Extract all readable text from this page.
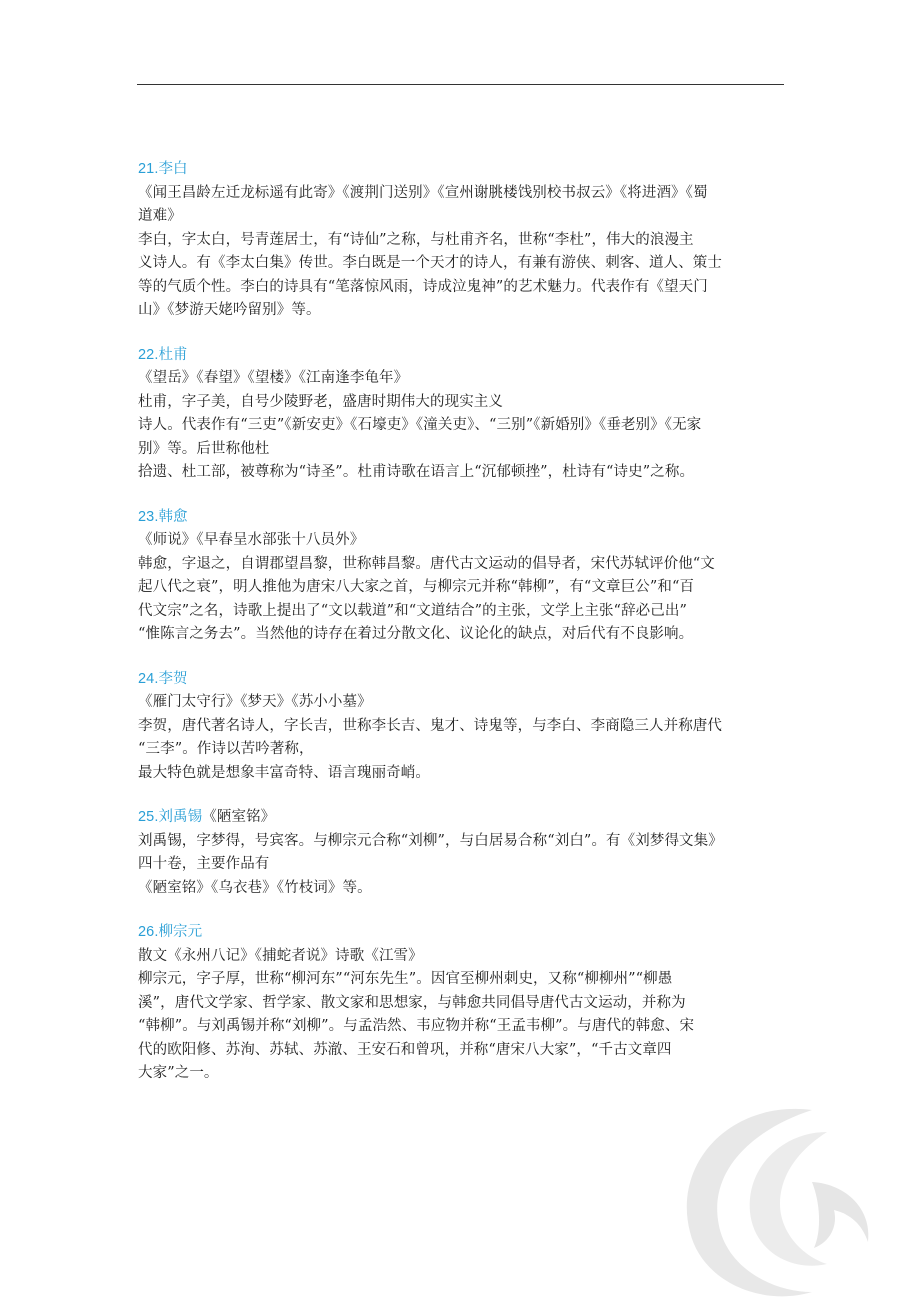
21.李白
《闻王昌龄左迁龙标遥有此寄》《渡荆门送别》《宣州谢朓楼饯别校书叔云》《将进酒》《蜀
道难》
李白，字太白，号青莲居士，有“诗仙”之称，与杜甫齐名，世称“李杜”，伟大的浪漫主
义诗人。有《李太白集》传世。李白既是一个天才的诗人，有兼有游侠、刺客、道人、策士
等的气质个性。李白的诗具有“笔落惊风雨，诗成泣鬼神”的艺术魅力。代表作有《望天门
山》《梦游天姥吟留别》等。
22.杜甫
《望岳》《春望》《望楼》《江南逢李龟年》
杜甫，字子美，自号少陵野老，盛唐时期伟大的现实主义
诗人。代表作有“三吏”《新安吏》《石壕吏》《潼关吏》、“三别”《新婚别》《垂老别》《无家
别》等。后世称他杜
拾遗、杜工部，被尊称为“诗圣”。杜甫诗歌在语言上“沉郁顿挫”，杜诗有“诗史”之称。
23.韩愈
《师说》《早春呈水部张十八员外》
韩愈，字退之，自谓郡望昌黎，世称韩昌黎。唐代古文运动的倡导者，宋代苏轼评价他“文
起八代之衰”，明人推他为唐宋八大家之首，与柳宗元并称“韩柳”，有“文章巨公”和“百
代文宗”之名，诗歌上提出了“文以载道”和“文道结合”的主张，文学上主张“辞必己出”
“惟陈言之务去”。当然他的诗存在着过分散文化、议论化的缺点，对后代有不良影响。
24.李贺
《雁门太守行》《梦天》《苏小小墓》
李贺，唐代著名诗人，字长吉，世称李长吉、鬼才、诗鬼等，与李白、李商隐三人并称唐代
“三李”。作诗以苦吟著称，
最大特色就是想象丰富奇特、语言瑰丽奇峭。
25.刘禹锡《陋室铭》
刘禹锡，字梦得，号宾客。与柳宗元合称“刘柳”，与白居易合称“刘白”。有《刘梦得文集》
四十卷，主要作品有
《陋室铭》《乌衣巷》《竹枝词》等。
26.柳宗元
散文《永州八记》《捕蛇者说》诗歌《江雪》
柳宗元，字子厚，世称“柳河东”“河东先生”。因官至柳州刺史，又称“柳柳州”“柳愚
溪”，唐代文学家、哲学家、散文家和思想家，与韩愈共同倡导唐代古文运动，并称为
“韩柳”。与刘禹锡并称“刘柳”。与孟浩然、韦应物并称“王孟韦柳”。与唐代的韩愈、宋
代的欧阳修、苏洵、苏轼、苏澈、王安石和曾巩，并称“唐宋八大家”，“千古文章四
大家”之一。
